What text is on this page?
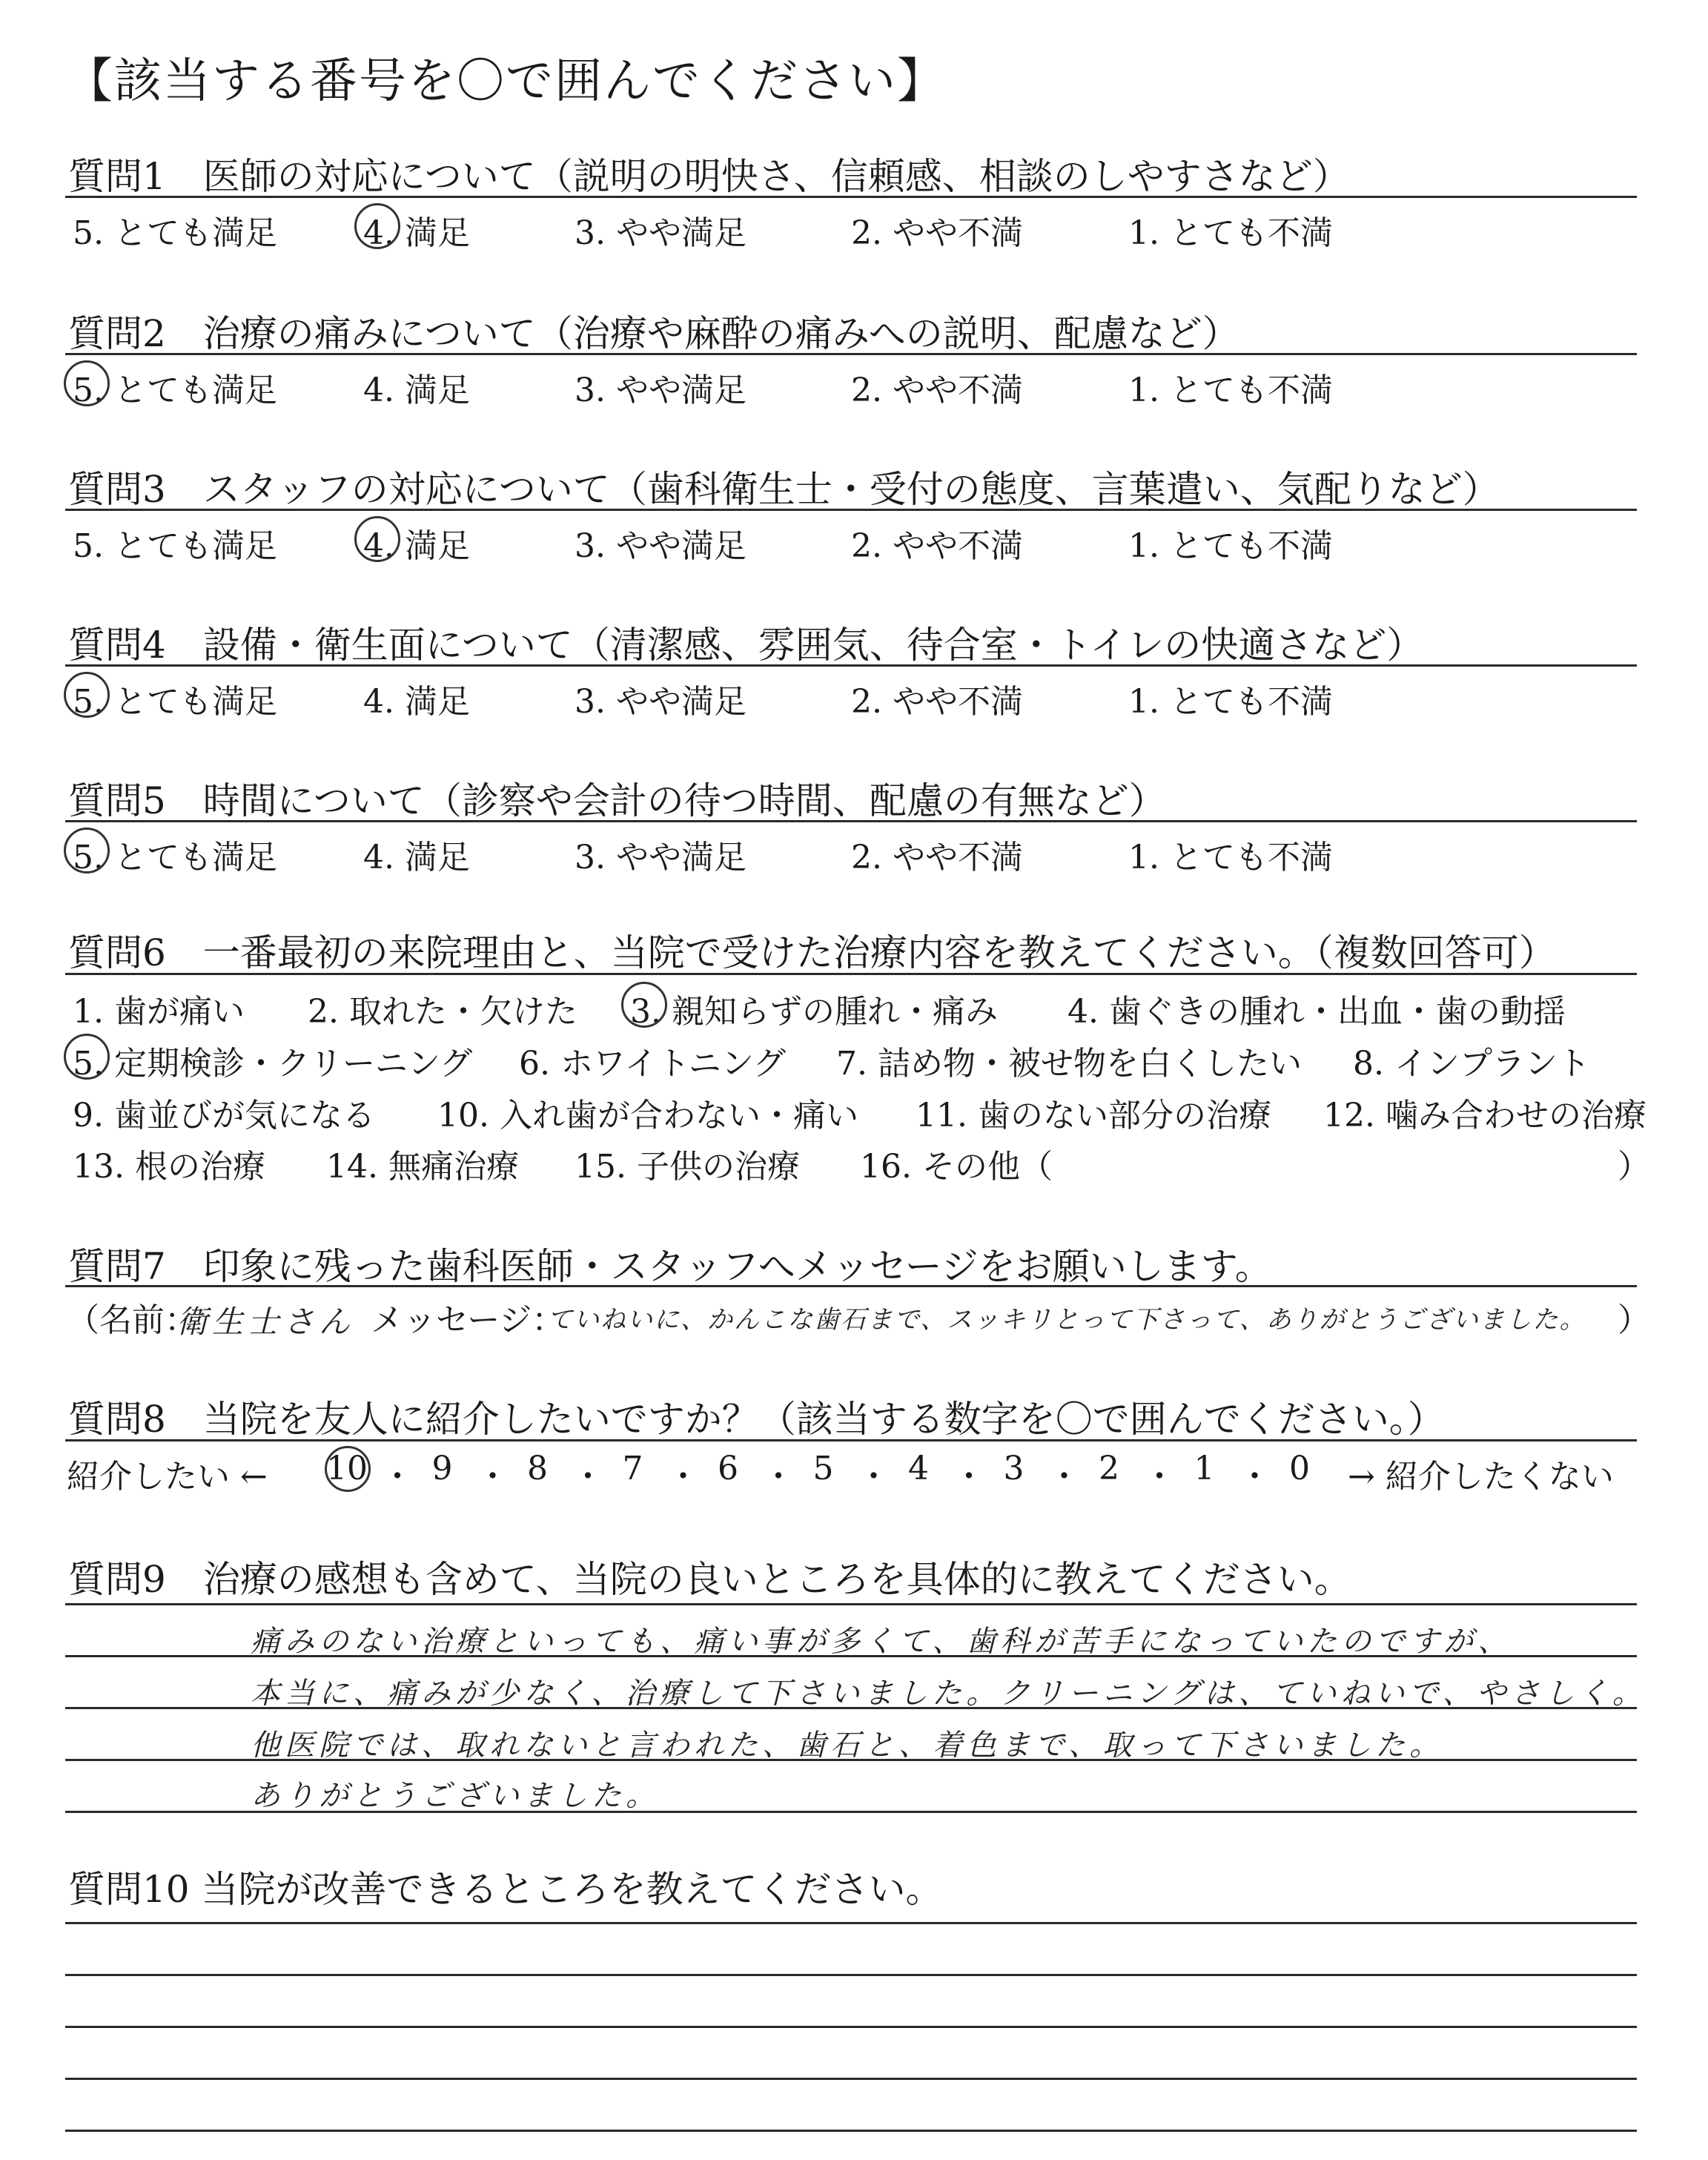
【該当する番号を〇で囲んでください】
質問1　医師の対応について（説明の明快さ、信頼感、相談のしやすさなど）
5. とても満足	4. 満足	3. やや満足	2. やや不満	1. とても不満
質問2　治療の痛みについて（治療や麻酔の痛みへの説明、配慮など）
5. とても満足	4. 満足	3. やや満足	2. やや不満	1. とても不満
質問3　スタッフの対応について（歯科衛生士・受付の態度、言葉遣い、気配りなど）
5. とても満足	4. 満足	3. やや満足	2. やや不満	1. とても不満
質問4　設備・衛生面について（清潔感、雰囲気、待合室・トイレの快適さなど）
5. とても満足	4. 満足	3. やや満足	2. やや不満	1. とても不満
質問5　時間について（診察や会計の待つ時間、配慮の有無など）
5. とても満足	4. 満足	3. やや満足	2. やや不満	1. とても不満
質問6　一番最初の来院理由と、当院で受けた治療内容を教えてください。（複数回答可）
1. 歯が痛い 2. 取れた・欠けた 3. 親知らずの腫れ・痛み 4. 歯ぐきの腫れ・出血・歯の動揺
5. 定期検診・クリーニング 6. ホワイトニング 7. 詰め物・被せ物を白くしたい 8. インプラント
9. 歯並びが気になる 10. 入れ歯が合わない・痛い 11. 歯のない部分の治療 12. 噛み合わせの治療
13. 根の治療 14. 無痛治療 15. 子供の治療 16. その他（	）
質問7　印象に残った歯科医師・スタッフへメッセージをお願いします。
（名前：
衛生士さん メッセージ：
ていねいに、かんこな歯石まで、スッキリとって下さって、ありがとうございました。 ）
質問8　当院を友人に紹介したいですか？（該当する数字を〇で囲んでください。）
紹介したい ← 10 ・ 9 ・ 8 ・ 7 ・ 6 ・ 5 ・ 4 ・ 3 ・ 2 ・ 1 ・ 0	→ 紹介したくない
質問9　治療の感想も含めて、当院の良いところを具体的に教えてください。
痛みのない治療といっても、痛い事が多くて、歯科が苦手になっていたのですが、
本当に、痛みが少なく、治療して下さいました。クリーニングは、ていねいで、やさしく。
他医院では、取れないと言われた、歯石と、着色まで、取って下さいました。
ありがとうございました。
質問10 当院が改善できるところを教えてください。
